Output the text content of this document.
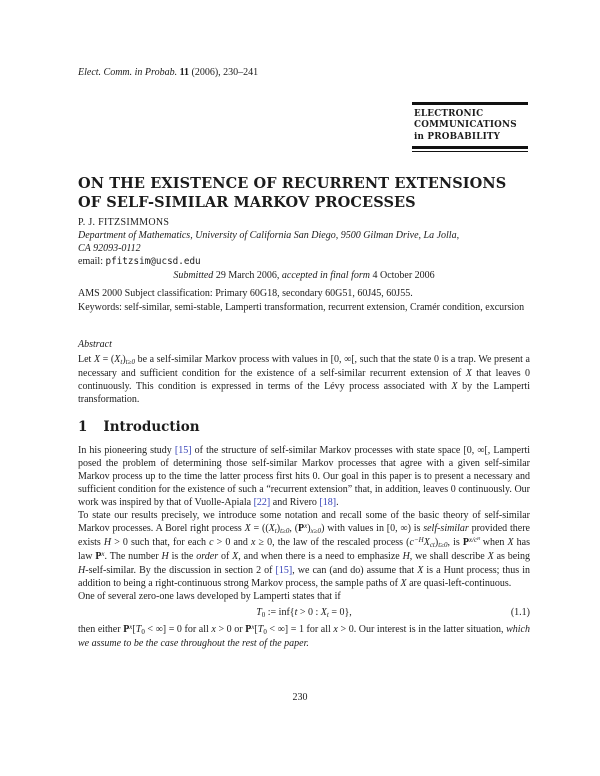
Elect. Comm. in Probab. 11 (2006), 230–241
ELECTRONIC
COMMUNICATIONS
in PROBABILITY
ON THE EXISTENCE OF RECURRENT EXTENSIONS
OF SELF-SIMILAR MARKOV PROCESSES
P. J. FITZSIMMONS
Department of Mathematics, University of California San Diego, 9500 Gilman Drive, La Jolla,
CA 92093-0112
email: pfitzsim@ucsd.edu
Submitted 29 March 2006, accepted in final form 4 October 2006
AMS 2000 Subject classification: Primary 60G18, secondary 60G51, 60J45, 60J55.
Keywords: self-similar, semi-stable, Lamperti transformation, recurrent extension, Cramér condition, excursion
Abstract
Let $X = (X_t)_{t\ge 0}$ be a self-similar Markov process with values in [0, ∞[, such that the state 0 is a trap. We present a necessary and sufficient condition for the existence of a self-similar recurrent extension of X that leaves 0 continuously. This condition is expressed in terms of the Lévy process associated with X by the Lamperti transformation.
1 Introduction

In his pioneering study [15] of the structure of self-similar Markov processes with state space [0, ∞[, Lamperti posed the problem of determining those self-similar Markov processes that agree with a given self-similar Markov process up to the time the latter process first hits 0. Our goal in this paper is to present a necessary and sufficient condition for the existence of such a “recurrent extension” that, in addition, leaves 0 continuously. Our work was inspired by that of Vuolle-Apiala [22] and Rivero [18].

To state our results precisely, we introduce some notation and recall some of the basic theory of self-similar Markov processes. A Borel right process $X = ((X_t)_{t\ge 0}$, $(P^x)_{x\ge 0}$) with values in [0, ∞) is self-similar provided there exists H > 0 such that, for each c > 0 and x ≥ 0, the law of the rescaled process $(c^{-H}X_{ct})_{t\ge 0}$, is $P^{x/cᴴ}$ when X has law $P^x$. The number H is the order of X, and when there is a need to emphasize H, we shall describe X as being H-self-similar. By the discussion in section 2 of [15], we can (and do) assume that X is a Hunt process; thus in addition to being a right-continuous strong Markov process, the sample paths of X are quasi-left-continuous.

One of several zero-one laws developed by Lamperti states that if

$T_0$ := inf{t > 0 : $X_t = 0$},	(1.1)

then either $P^x[T_0$ < ∞] = 0 for all x > 0 or $P^x[T_0$ < ∞] = 1 for all x > 0. Our interest is in the latter situation, which we assume to be the case throughout the rest of the paper.

230
